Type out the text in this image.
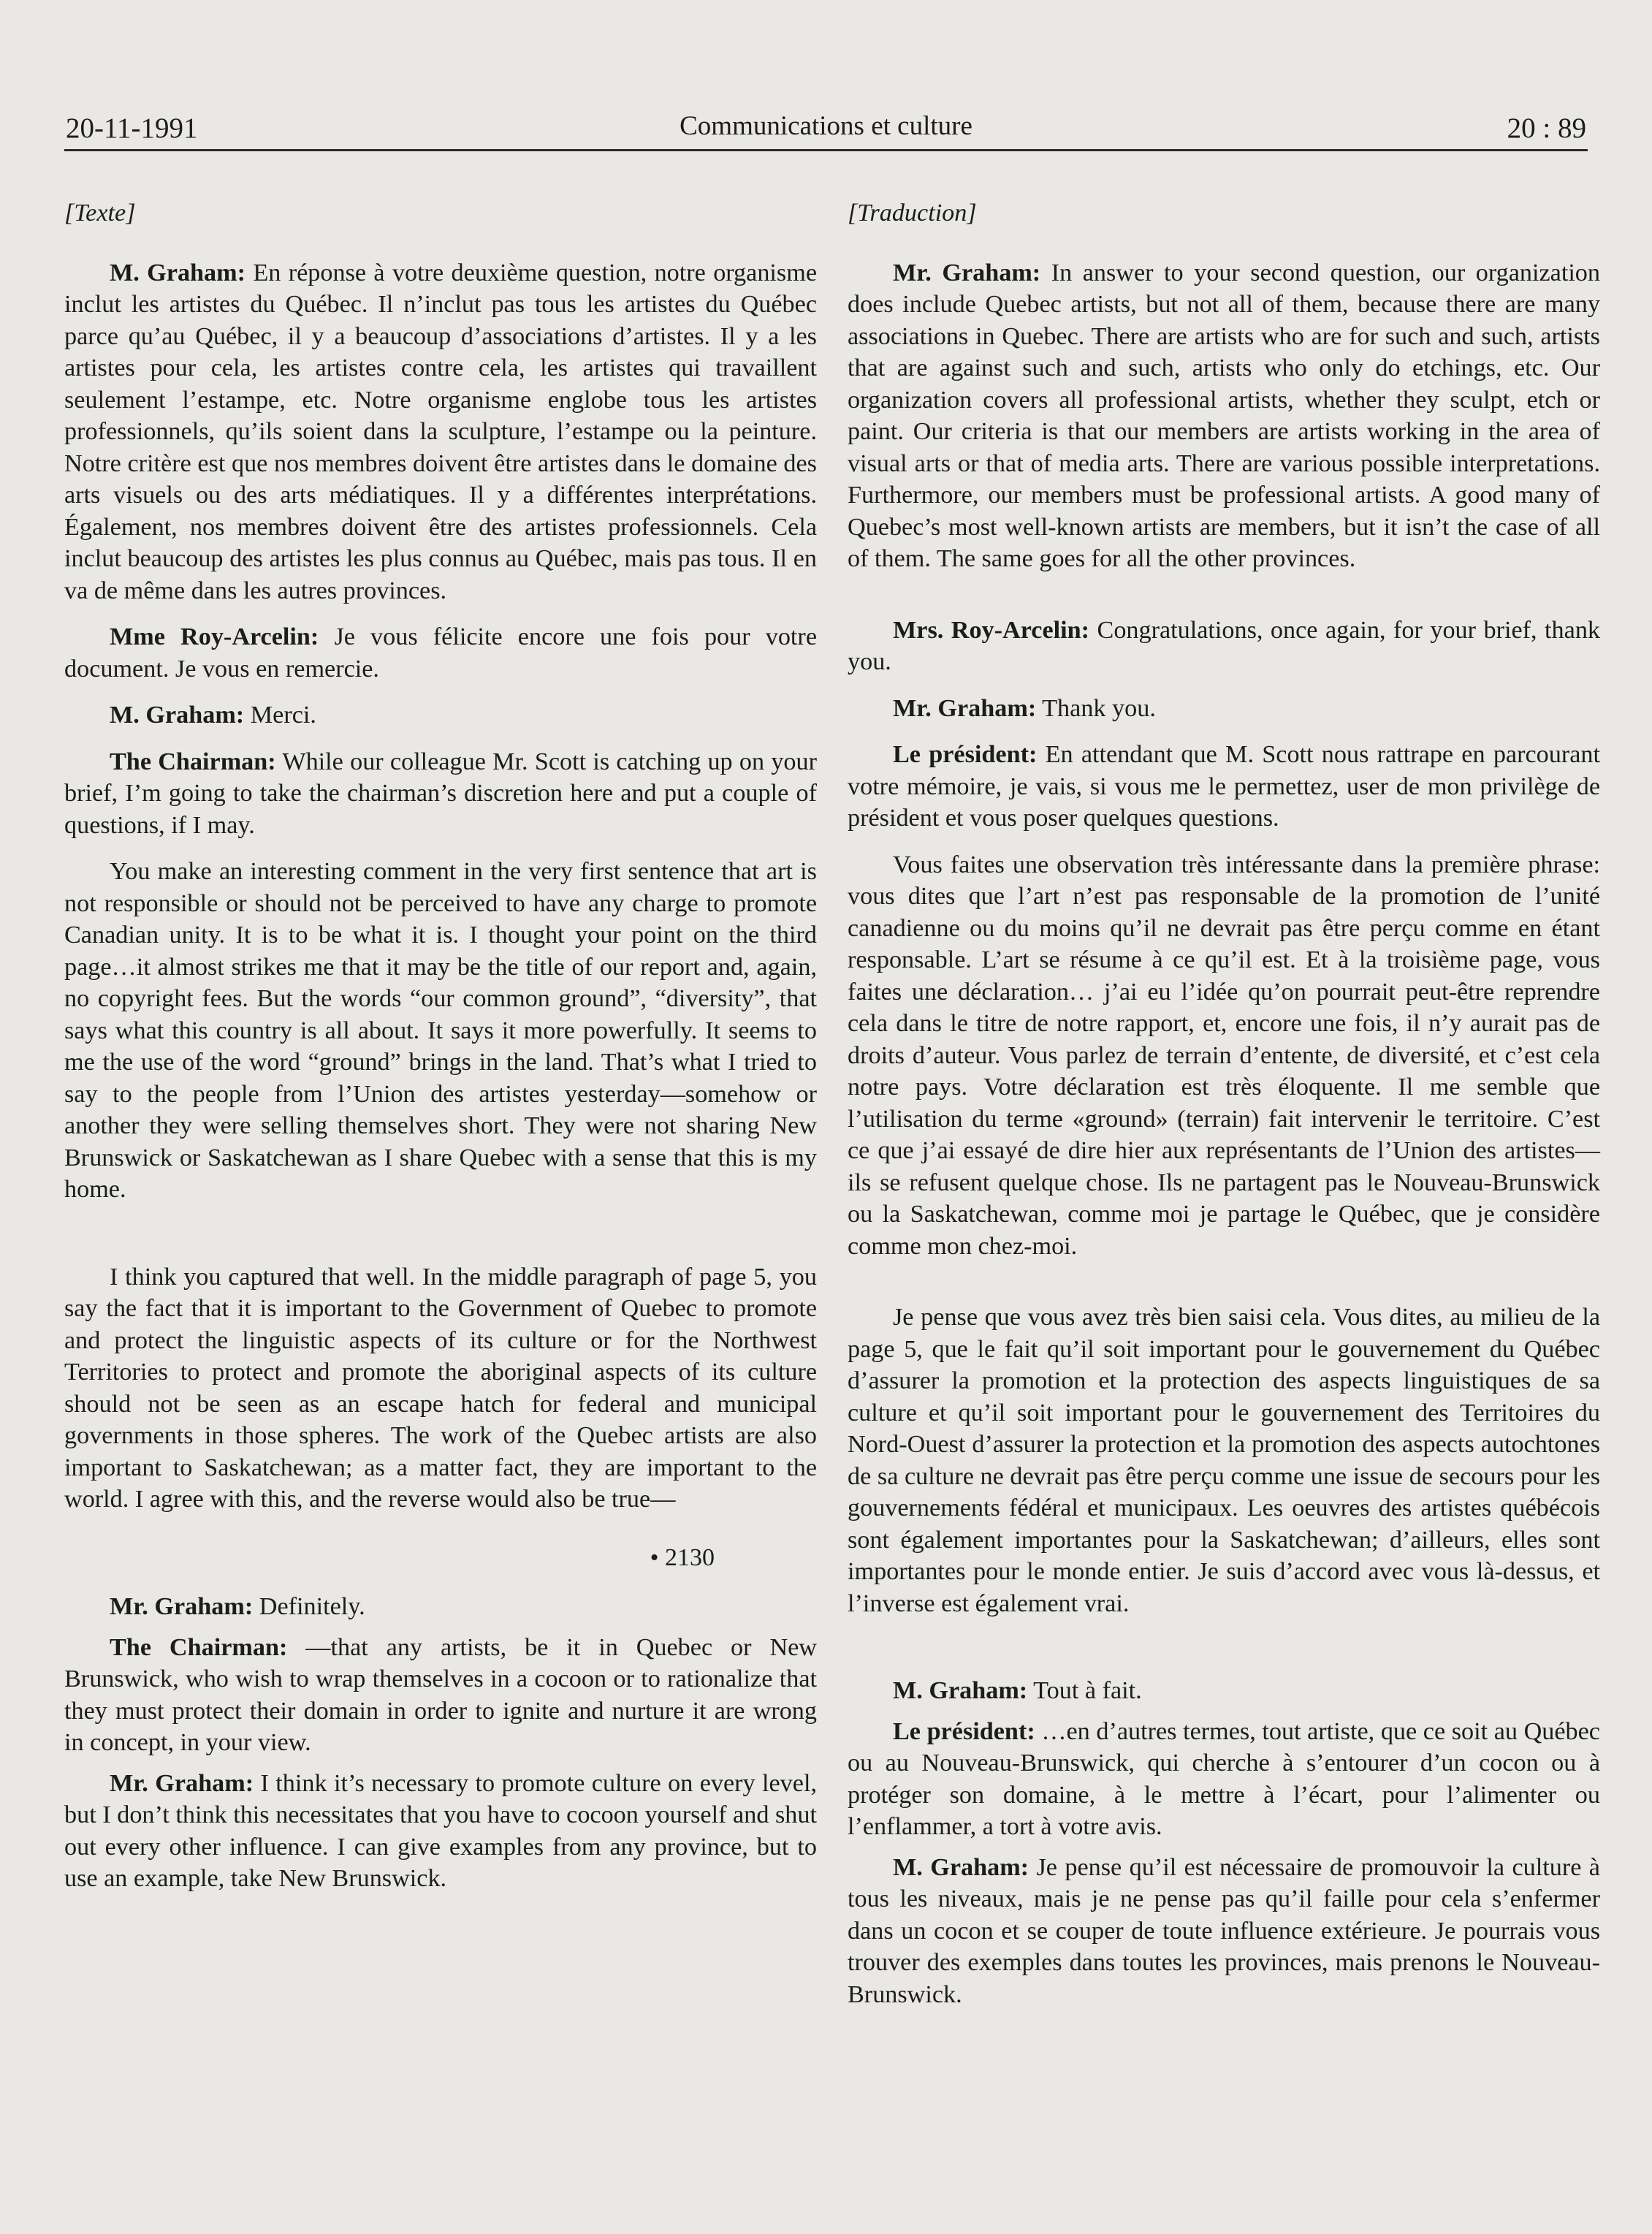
20-11-1991	Communications et culture	20 : 89

[Texte]

M. Graham: En réponse à votre deuxième question, notre organisme inclut les artistes du Québec. Il n’inclut pas tous les artistes du Québec parce qu’au Québec, il y a beaucoup d’associations d’artistes. Il y a les artistes pour cela, les artistes contre cela, les artistes qui travaillent seulement l’estampe, etc. Notre organisme englobe tous les artistes professionnels, qu’ils soient dans la sculpture, l’estampe ou la peinture. Notre critère est que nos membres doivent être artistes dans le domaine des arts visuels ou des arts médiatiques. Il y a différentes interprétations. Également, nos membres doivent être des artistes professionnels. Cela inclut beaucoup des artistes les plus connus au Québec, mais pas tous. Il en va de même dans les autres provinces.

Mme Roy-Arcelin: Je vous félicite encore une fois pour votre document. Je vous en remercie.

M. Graham: Merci.

The Chairman: While our colleague Mr. Scott is catching up on your brief, I’m going to take the chairman’s discretion here and put a couple of questions, if I may.

You make an interesting comment in the very first sentence that art is not responsible or should not be perceived to have any charge to promote Canadian unity. It is to be what it is. I thought your point on the third page…it almost strikes me that it may be the title of our report and, again, no copyright fees. But the words “our common ground”, “diversity”, that says what this country is all about. It says it more powerfully. It seems to me the use of the word “ground” brings in the land. That’s what I tried to say to the people from l’Union des artistes yesterday—somehow or another they were selling themselves short. They were not sharing New Brunswick or Saskatchewan as I share Quebec with a sense that this is my home.

I think you captured that well. In the middle paragraph of page 5, you say the fact that it is important to the Government of Quebec to promote and protect the linguistic aspects of its culture or for the Northwest Territories to protect and promote the aboriginal aspects of its culture should not be seen as an escape hatch for federal and municipal governments in those spheres. The work of the Quebec artists are also important to Saskatchewan; as a matter fact, they are important to the world. I agree with this, and the reverse would also be true—

• 2130

Mr. Graham: Definitely.

The Chairman: —that any artists, be it in Quebec or New Brunswick, who wish to wrap themselves in a cocoon or to rationalize that they must protect their domain in order to ignite and nurture it are wrong in concept, in your view.

Mr. Graham: I think it’s necessary to promote culture on every level, but I don’t think this necessitates that you have to cocoon yourself and shut out every other influence. I can give examples from any province, but to use an example, take New Brunswick.

[Traduction]

Mr. Graham: In answer to your second question, our organization does include Quebec artists, but not all of them, because there are many associations in Quebec. There are artists who are for such and such, artists that are against such and such, artists who only do etchings, etc. Our organization covers all professional artists, whether they sculpt, etch or paint. Our criteria is that our members are artists working in the area of visual arts or that of media arts. There are various possible interpretations. Furthermore, our members must be professional artists. A good many of Quebec’s most well-known artists are members, but it isn’t the case of all of them. The same goes for all the other provinces.

Mrs. Roy-Arcelin: Congratulations, once again, for your brief, thank you.

Mr. Graham: Thank you.

Le président: En attendant que M. Scott nous rattrape en parcourant votre mémoire, je vais, si vous me le permettez, user de mon privilège de président et vous poser quelques questions.

Vous faites une observation très intéressante dans la première phrase: vous dites que l’art n’est pas responsable de la promotion de l’unité canadienne ou du moins qu’il ne devrait pas être perçu comme en étant responsable. L’art se résume à ce qu’il est. Et à la troisième page, vous faites une déclaration… j’ai eu l’idée qu’on pourrait peut-être reprendre cela dans le titre de notre rapport, et, encore une fois, il n’y aurait pas de droits d’auteur. Vous parlez de terrain d’entente, de diversité, et c’est cela notre pays. Votre déclaration est très éloquente. Il me semble que l’utilisation du terme «ground» (terrain) fait intervenir le territoire. C’est ce que j’ai essayé de dire hier aux représentants de l’Union des artistes—ils se refusent quelque chose. Ils ne partagent pas le Nouveau-Brunswick ou la Saskatchewan, comme moi je partage le Québec, que je considère comme mon chez-moi.

Je pense que vous avez très bien saisi cela. Vous dites, au milieu de la page 5, que le fait qu’il soit important pour le gouvernement du Québec d’assurer la promotion et la protection des aspects linguistiques de sa culture et qu’il soit important pour le gouvernement des Territoires du Nord-Ouest d’assurer la protection et la promotion des aspects autochtones de sa culture ne devrait pas être perçu comme une issue de secours pour les gouvernements fédéral et municipaux. Les oeuvres des artistes québécois sont également importantes pour la Saskatchewan; d’ailleurs, elles sont importantes pour le monde entier. Je suis d’accord avec vous là-dessus, et l’inverse est également vrai.

M. Graham: Tout à fait.

Le président: …en d’autres termes, tout artiste, que ce soit au Québec ou au Nouveau-Brunswick, qui cherche à s’entourer d’un cocon ou à protéger son domaine, à le mettre à l’écart, pour l’alimenter ou l’enflammer, a tort à votre avis.

M. Graham: Je pense qu’il est nécessaire de promouvoir la culture à tous les niveaux, mais je ne pense pas qu’il faille pour cela s’enfermer dans un cocon et se couper de toute influence extérieure. Je pourrais vous trouver des exemples dans toutes les provinces, mais prenons le Nouveau-Brunswick.
